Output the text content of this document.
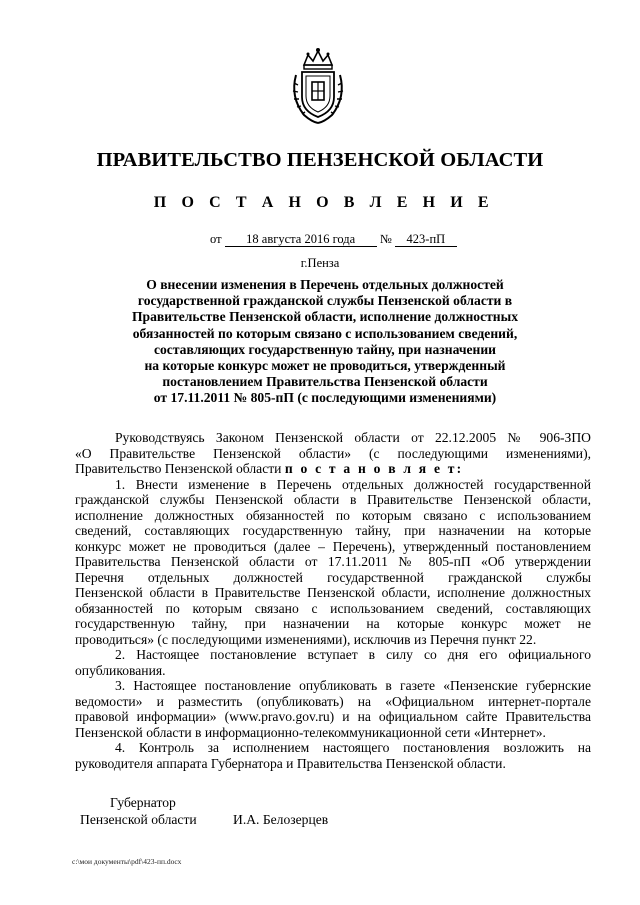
ПРАВИТЕЛЬСТВО ПЕНЗЕНСКОЙ ОБЛАСТИ
П О С Т А Н О В Л Е Н И Е
от 18 августа 2016 года № 423-пП
г.Пенза
О внесении изменения в Перечень отдельных должностей
государственной гражданской службы Пензенской области в
Правительстве Пензенской области, исполнение должностных
обязанностей по которым связано с использованием сведений,
составляющих государственную тайну, при назначении
на которые конкурс может не проводиться, утвержденный
постановлением Правительства Пензенской области
от 17.11.2011 № 805-пП (с последующими изменениями)
Руководствуясь Законом Пензенской области от 22.12.2005 № 906-ЗПО
«О Правительстве Пензенской области» (с последующими изменениями),
Правительство Пензенской области п о с т а н о в л я е т:
1. Внести изменение в Перечень отдельных должностей государственной
гражданской службы Пензенской области в Правительстве Пензенской области,
исполнение должностных обязанностей по которым связано с использованием
сведений, составляющих государственную тайну, при назначении на которые
конкурс может не проводиться (далее – Перечень), утвержденный постановлением
Правительства Пензенской области от 17.11.2011 № 805-пП «Об утверждении
Перечня отдельных должностей государственной гражданской службы
Пензенской области в Правительстве Пензенской области, исполнение должностных
обязанностей по которым связано с использованием сведений, составляющих
государственную тайну, при назначении на которые конкурс может не
проводиться» (с последующими изменениями), исключив из Перечня пункт 22.
2. Настоящее постановление вступает в силу со дня его официального
опубликования.
3. Настоящее постановление опубликовать в газете «Пензенские губернские
ведомости» и разместить (опубликовать) на «Официальном интернет-портале
правовой информации» (www.pravo.gov.ru) и на официальном сайте Правительства
Пензенской области в информационно-телекоммуникационной сети «Интернет».
4. Контроль за исполнением настоящего постановления возложить на
руководителя аппарата Губернатора и Правительства Пензенской области.
Губернатор
Пензенской области	И.А. Белозерцев
c:\мои документы\pdf\423-пп.docx
